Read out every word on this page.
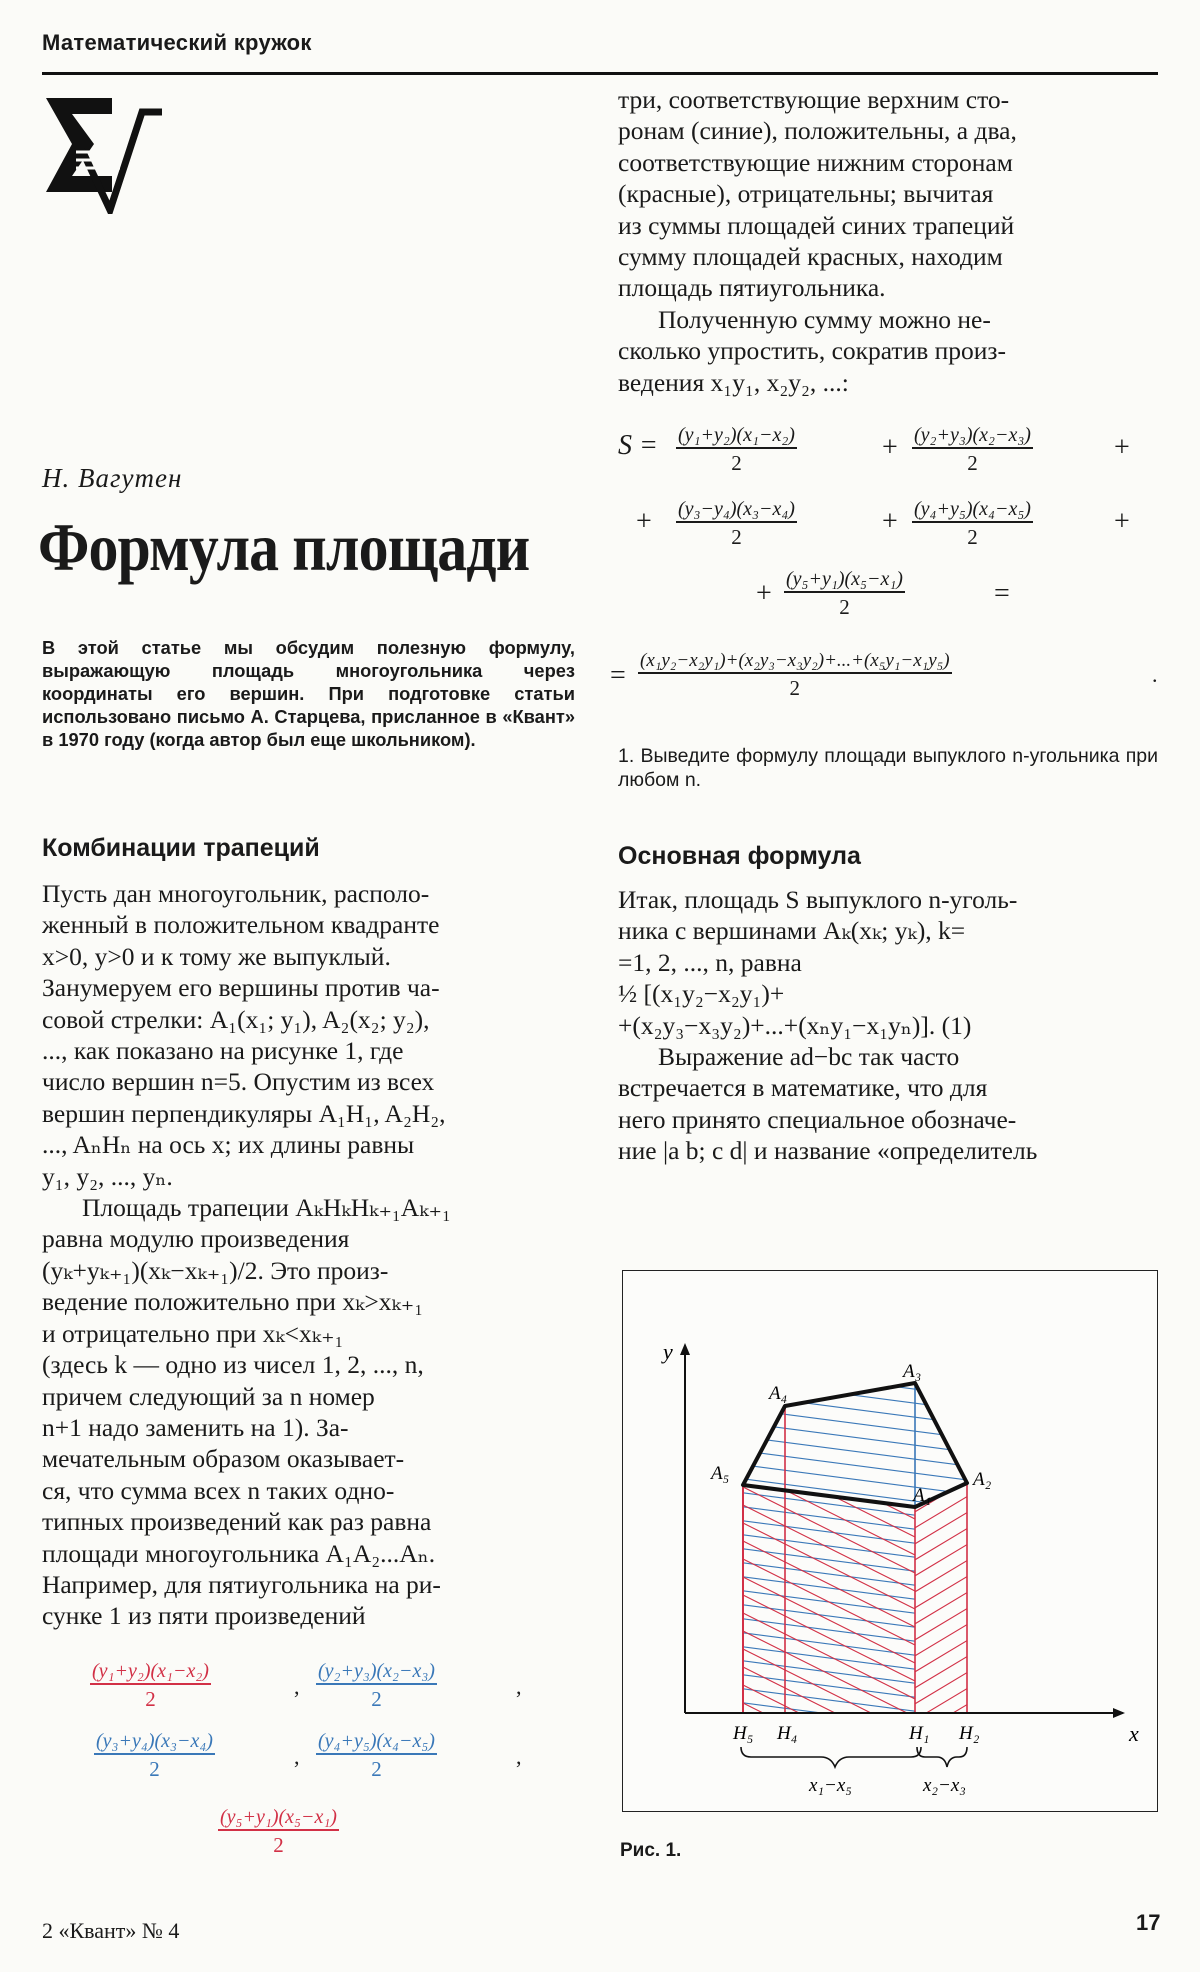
Математический кружок
Н. Вагутен
Формула площади
В этой статье мы обсудим полезную формулу, выражающую площадь многоугольника через координаты его вершин. При подготовке статьи использовано письмо А. Старцева, присланное в «Квант» в 1970 году (когда автор был еще школьником).
Комбинации трапеций

Пусть дан многоугольник, располо-

женный в положительном квадранте

x>0, y>0 и к тому же выпуклый.

Занумеруем его вершины против ча-

совой стрелки: A₁(x₁; y₁), A₂(x₂; y₂),

..., как показано на рисунке 1, где

число вершин n=5. Опустим из всех

вершин перпендикуляры A₁H₁, A₂H₂,

..., AₙHₙ на ось x; их длины равны

y₁, y₂, ..., yₙ.

Площадь трапеции AₖHₖHₖ₊₁Aₖ₊₁

равна модулю произведения

(yₖ+yₖ₊₁)(xₖ−xₖ₊₁)/2. Это произ-

ведение положительно при xₖ>xₖ₊₁

и отрицательно при xₖ<xₖ₊₁

(здесь k — одно из чисел 1, 2, ..., n,

причем следующий за n номер

n+1 надо заменить на 1). За-

мечательным образом оказывает-

ся, что сумма всех n таких одно-

типных произведений как раз равна

площади многоугольника A₁A₂...Aₙ.

Например, для пятиугольника на ри-

сунке 1 из пяти произведений

(y₁+y₂)(x₁−x₂)
2	,
(y₂+y₃)(x₂−x₃)
2	,
(y₃+y₄)(x₃−x₄)
2	,
(y₄+y₅)(x₄−x₅)
2	,
(y₅+y₁)(x₅−x₁)
2

три, соответствующие верхним сто-

ронам (синие), положительны, а два,

соответствующие нижним сторонам

(красные), отрицательны; вычитая

из суммы площадей синих трапеций

сумму площадей красных, находим

площадь пятиугольника.

Полученную сумму можно не-

сколько упростить, сократив произ-

ведения x₁y₁, x₂y₂, ...:

S = (y₁+y₂)(x₁−x₂)
2	+ (y₂+y₃)(x₂−x₃)
2	+
+ (y₃−y₄)(x₃−x₄)
2	+ (y₄+y₅)(x₄−x₅)
2	+
+ (y₅+y₁)(x₅−x₁)
2	=
= (x₁y₂−x₂y₁)+(x₂y₃−x₃y₂)+...+(x₅y₁−x₁y₅)
2
.
1. Выведите формулу площади выпуклого n-угольника при любом n.
Основная формула

Итак, площадь S выпуклого n-уголь-

ника с вершинами Aₖ(xₖ; yₖ), k=

=1, 2, ..., n, равна

½ [(x₁y₂−x₂y₁)+

+(x₂y₃−x₃y₂)+...+(xₙy₁−x₁yₙ)]. (1)

Выражение ad−bc так часто

встречается в математике, что для

него принято специальное обозначе-

ние |a b; c d| и название «определитель

y
x
A₁
A₂
A₃
A₄
A₅
H₁ H₂
H₄
H₅
x₁−x₅	x₂−x₃
Рис. 1.
2 «Квант» № 4	17
